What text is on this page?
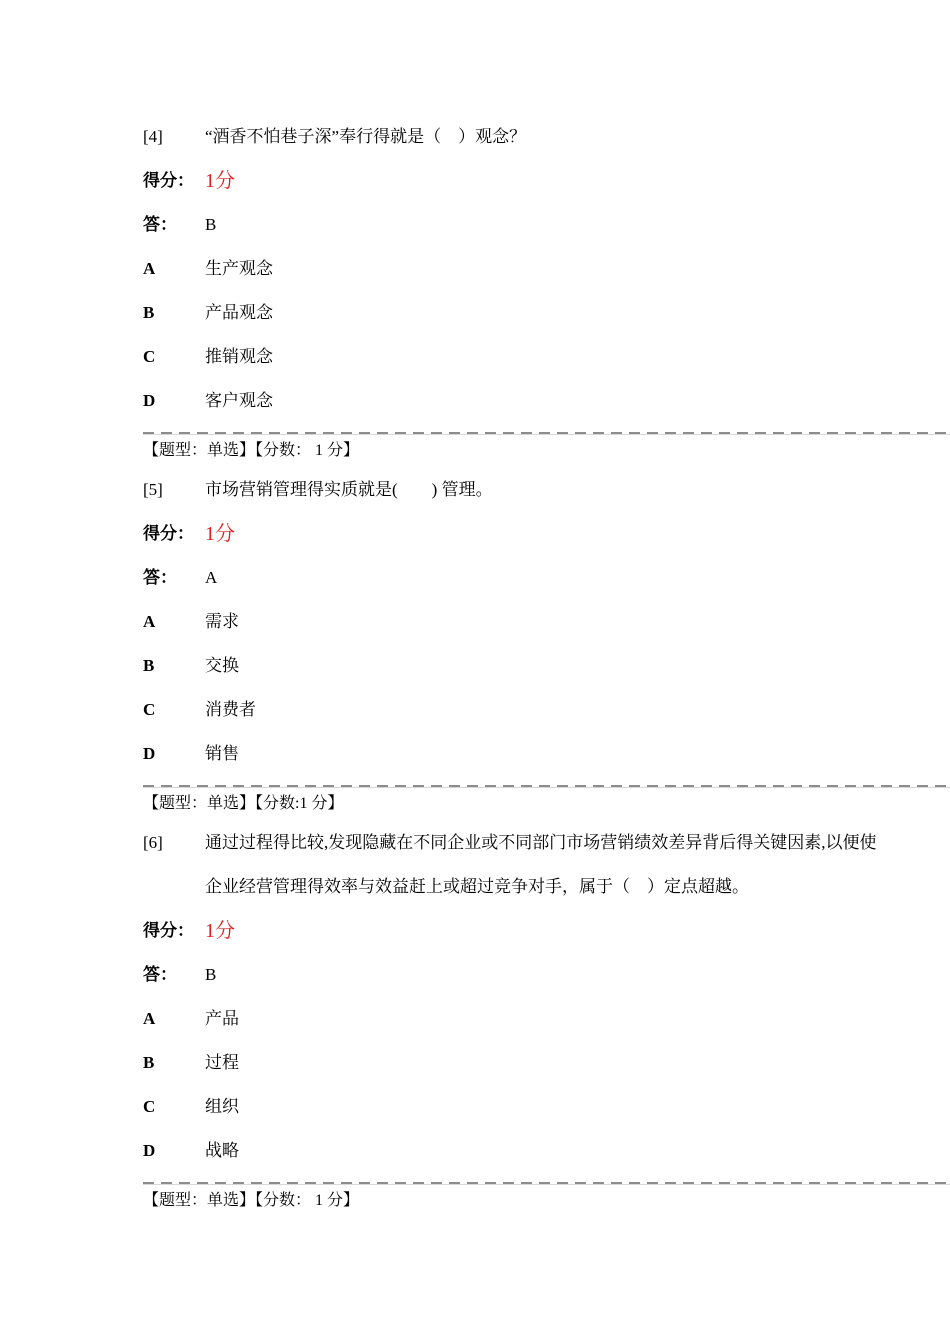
[4]	“酒香不怕巷子深”奉行得就是（　）观念？
得分： 1分
答：	B
A	生产观念
B	产品观念
C	推销观念
D	客户观念
【题型：单选】【分数： 1 分】
[5]	市场营销管理得实质就是(　　) 管理。
得分： 1分
答：	A
A	需求
B	交换
C	消费者
D	销售
【题型：单选】【分数:1 分】
[6]	通过过程得比较,发现隐藏在不同企业或不同部门市场营销绩效差异背后得关键因素,以便使
企业经营管理得效率与效益赶上或超过竞争对手，属于（　）定点超越。
得分： 1分
答：	B
A	产品
B	过程
C	组织
D	战略
【题型：单选】【分数： 1 分】
